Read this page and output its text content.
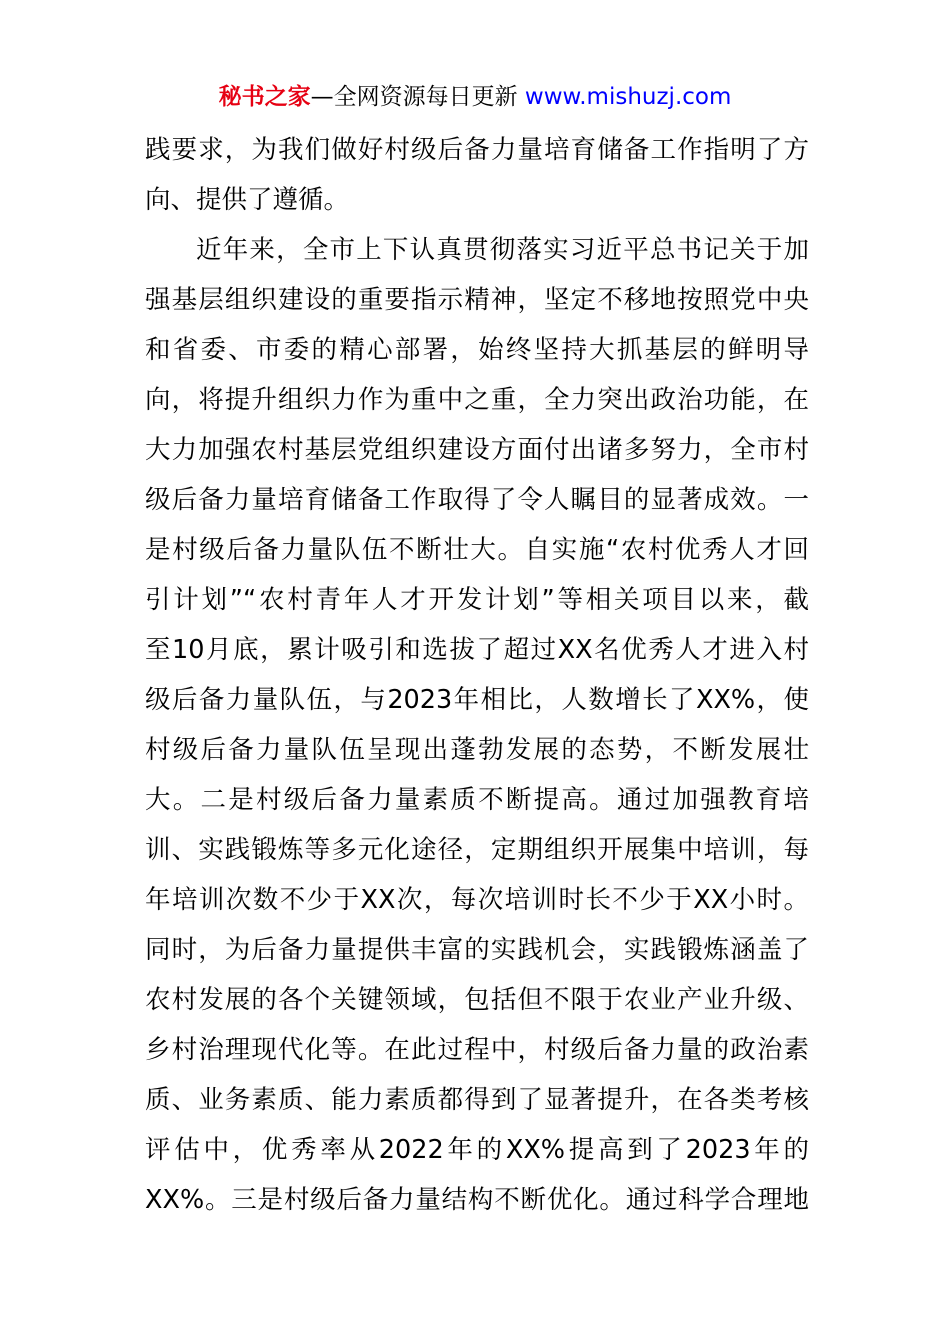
秘书之家—全网资源每日更新 www.mishuzj.com
践要求，为我们做好村级后备力量培育储备工作指明了方
向、提供了遵循。
近年来，全市上下认真贯彻落实习近平总书记关于加
强基层组织建设的重要指示精神，坚定不移地按照党中央
和省委、市委的精心部署，始终坚持大抓基层的鲜明导
向，将提升组织力作为重中之重，全力突出政治功能，在
大力加强农村基层党组织建设方面付出诸多努力，全市村
级后备力量培育储备工作取得了令人瞩目的显著成效。一
是村级后备力量队伍不断壮大。自实施“农村优秀人才回
引计划”“农村青年人才开发计划”等相关项目以来，截
至10月底，累计吸引和选拔了超过XX名优秀人才进入村
级后备力量队伍，与2023年相比，人数增长了XX%，使
村级后备力量队伍呈现出蓬勃发展的态势，不断发展壮
大。二是村级后备力量素质不断提高。通过加强教育培
训、实践锻炼等多元化途径，定期组织开展集中培训，每
年培训次数不少于XX次，每次培训时长不少于XX小时。
同时，为后备力量提供丰富的实践机会，实践锻炼涵盖了
农村发展的各个关键领域，包括但不限于农业产业升级、
乡村治理现代化等。在此过程中，村级后备力量的政治素
质、业务素质、能力素质都得到了显著提升，在各类考核
评估中，优秀率从2022年的XX%提高到了2023年的
XX%。三是村级后备力量结构不断优化。通过科学合理地
